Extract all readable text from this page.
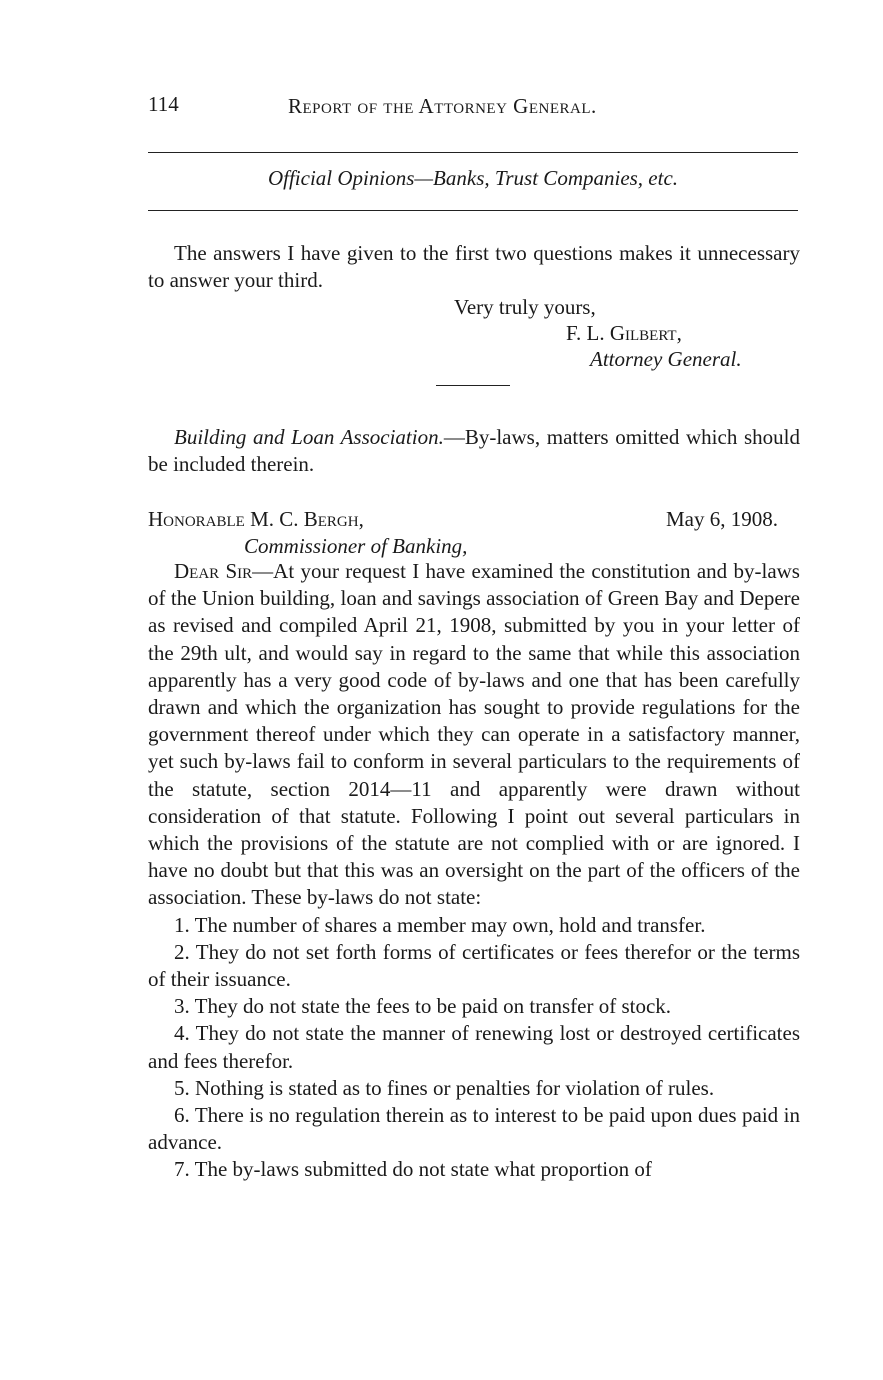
114	Report of the Attorney General.
Official Opinions—Banks, Trust Companies, etc.

The answers I have given to the first two questions makes it unnecessary to answer your third.

Very truly yours,
F. L. Gilbert,
Attorney General.

Building and Loan Association.—By-laws, matters omitted which should be included therein.

Honorable M. C. Bergh,	May 6, 1908.
Commissioner of Banking,

Dear Sir—At your request I have examined the constitution and by-laws of the Union building, loan and savings association of Green Bay and Depere as revised and compiled April 21, 1908, submitted by you in your letter of the 29th ult, and would say in regard to the same that while this association apparently has a very good code of by-laws and one that has been carefully drawn and which the organization has sought to provide regulations for the government thereof under which they can operate in a satisfactory manner, yet such by-laws fail to conform in several particulars to the requirements of the statute, section 2014—11 and apparently were drawn without consideration of that statute. Following I point out several particulars in which the provisions of the statute are not complied with or are ignored. I have no doubt but that this was an oversight on the part of the officers of the association. These by-laws do not state:

1. The number of shares a member may own, hold and transfer.

2. They do not set forth forms of certificates or fees therefor or the terms of their issuance.

3. They do not state the fees to be paid on transfer of stock.

4. They do not state the manner of renewing lost or destroyed certificates and fees therefor.

5. Nothing is stated as to fines or penalties for violation of rules.

6. There is no regulation therein as to interest to be paid upon dues paid in advance.

7. The by-laws submitted do not state what proportion of
